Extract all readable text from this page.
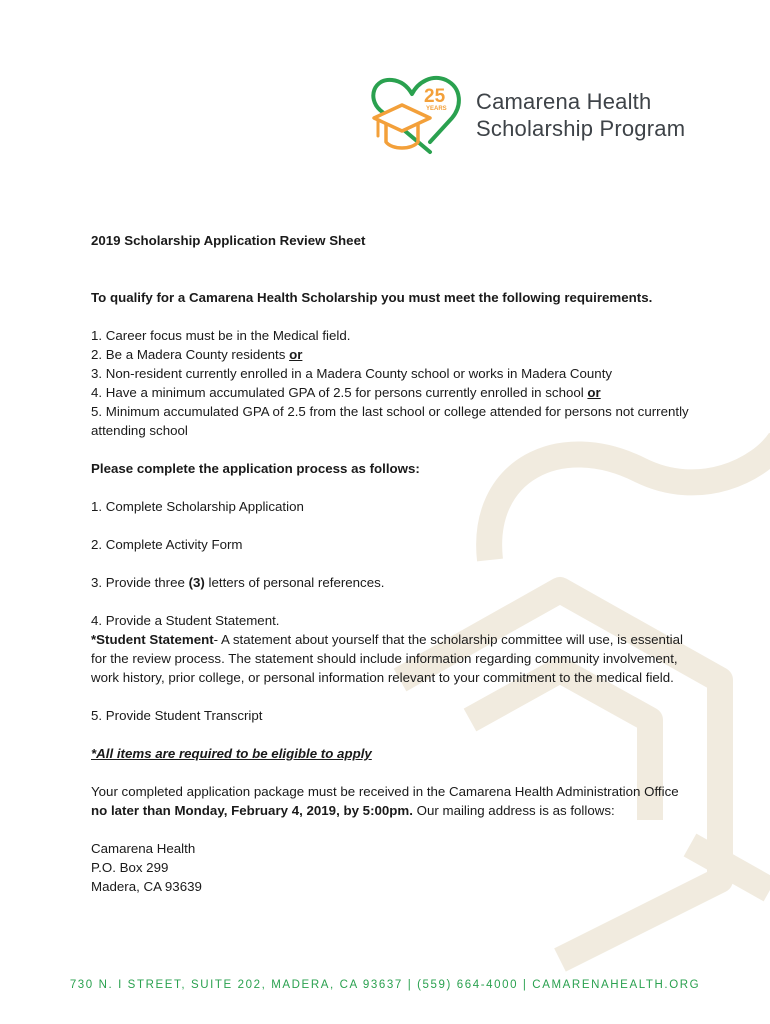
25
YEARS Camarena Health
Scholarship Program

2019 Scholarship Application Review Sheet

To qualify for a Camarena Health Scholarship you must meet the following requirements.

1. Career focus must be in the Medical field.

2. Be a Madera County residents or

3. Non-resident currently enrolled in a Madera County school or works in Madera County

4. Have a minimum accumulated GPA of 2.5 for persons currently enrolled in school or

5. Minimum accumulated GPA of 2.5 from the last school or college attended for persons not currently attending school

Please complete the application process as follows:

1. Complete Scholarship Application

2. Complete Activity Form

3. Provide three (3) letters of personal references.

4. Provide a Student Statement.

*Student Statement- A statement about yourself that the scholarship committee will use, is essential for the review process. The statement should include information regarding community involvement, work history, prior college, or personal information relevant to your commitment to the medical field.

5. Provide Student Transcript

*All items are required to be eligible to apply

Your completed application package must be received in the Camarena Health Administration Office no later than Monday, February 4, 2019, by 5:00pm. Our mailing address is as follows:

Camarena Health

P.O. Box 299

Madera, CA 93639

730 N. I STREET, SUITE 202, MADERA, CA 93637 | (559) 664-4000 | CAMARENAHEALTH.ORG
